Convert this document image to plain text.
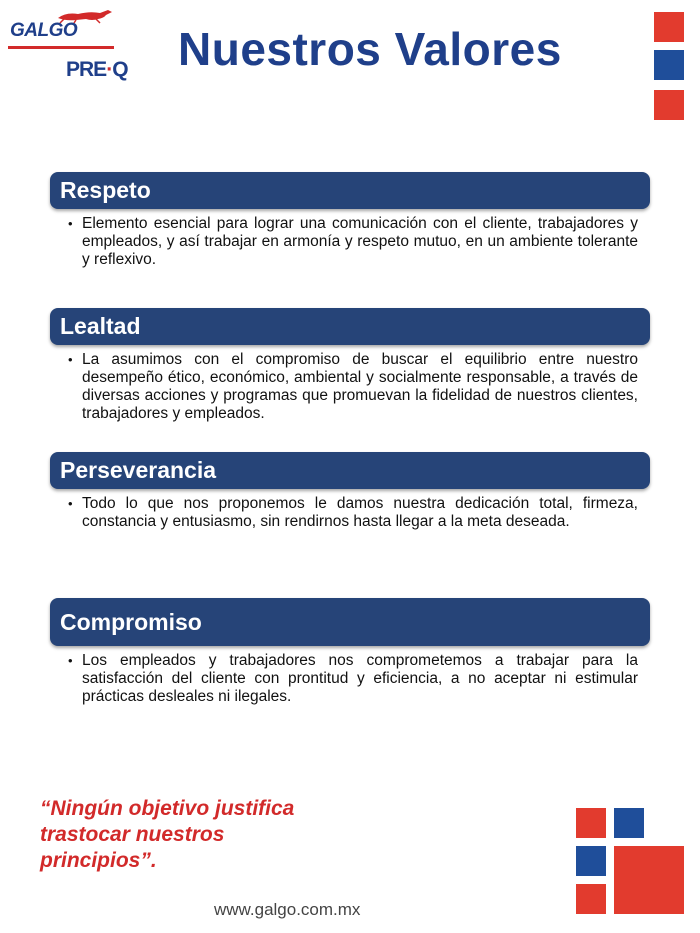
GALGO
PRE·Q Nuestros Valores
Respeto
• Elemento esencial para lograr una comunicación con el cliente, trabajadores y empleados, y así trabajar en armonía y respeto mutuo, en un ambiente tolerante y reflexivo.
Lealtad
• La asumimos con el compromiso de buscar el equilibrio entre nuestro desempeño ético, económico, ambiental y socialmente responsable, a través de diversas acciones y programas que promuevan la fidelidad de nuestros clientes, trabajadores y empleados.
Perseverancia
• Todo lo que nos proponemos le damos nuestra dedicación total, firmeza, constancia y entusiasmo, sin rendirnos hasta llegar a la meta deseada.
Compromiso
• Los empleados y trabajadores nos comprometemos a trabajar para la satisfacción del cliente con prontitud y eficiencia, a no aceptar ni estimular prácticas desleales ni ilegales.
“Ningún objetivo justifica
trastocar nuestros
principios”.
www.galgo.com.mx
